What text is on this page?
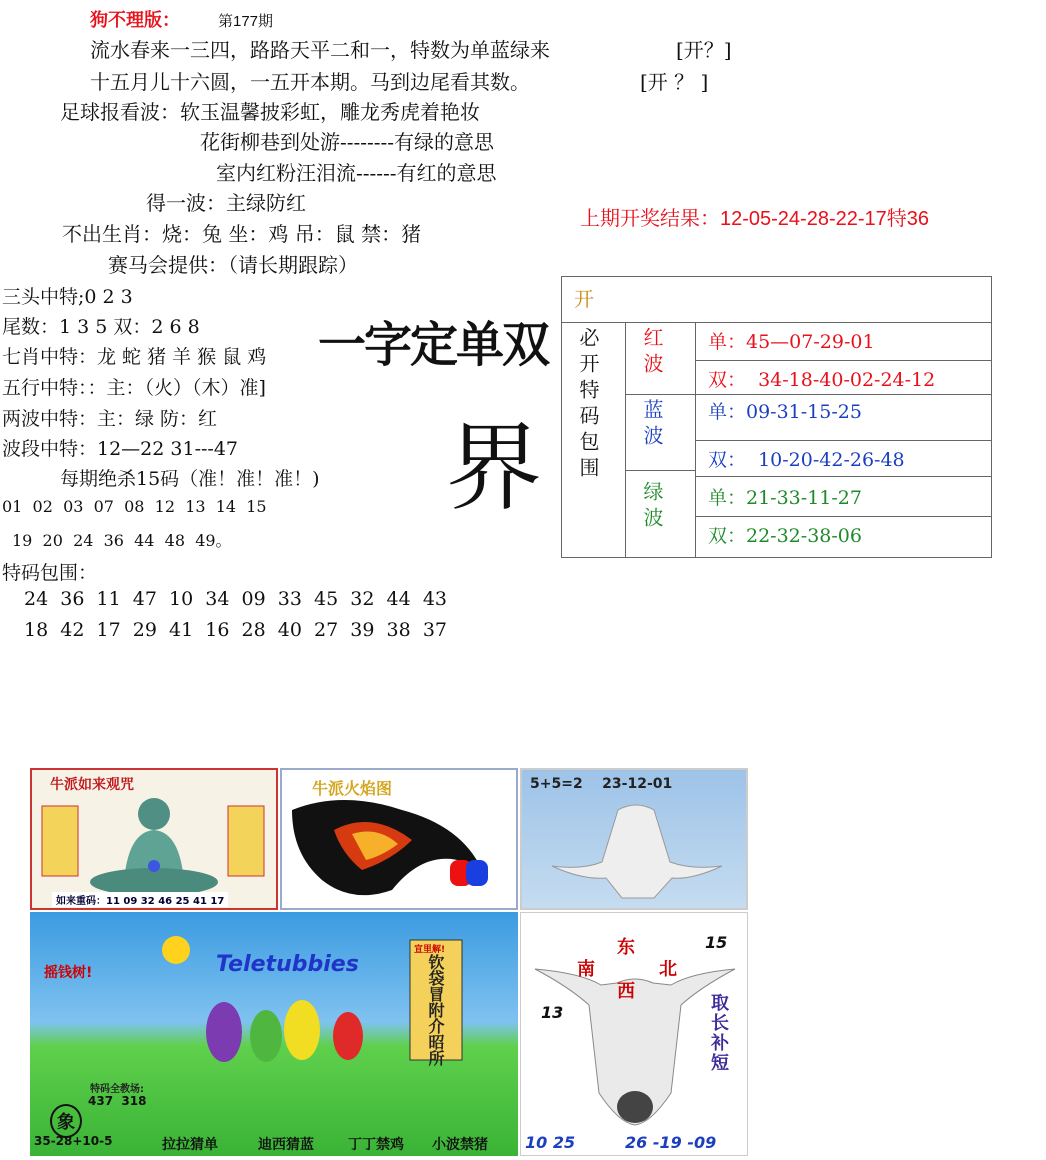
狗不理版：	第177期
流水春来一三四，路路天平二和一，特数为单蓝绿来	[开？]
十五月儿十六圆，一五开本期。马到边尾看其数。	[开 ？ ]
足球报看波：软玉温馨披彩虹，雕龙秀虎着艳妆
花街柳巷到处游--------有绿的意思
室内红粉汪泪流------有红的意思
得一波：主绿防红
不出生肖：烧：兔 坐：鸡 吊：鼠 禁：猪
赛马会提供：（请长期跟踪）
上期开奖结果：12-05-24-28-22-17特36
三头中特;0 2 3
尾数：1 3 5 双：2 6 8
七肖中特：龙 蛇 猪 羊 猴 鼠 鸡
五行中特：：主：（火）（木）准]
两波中特：主：绿 防：红
波段中特：12—22 31---47
每期绝杀15码（准！准！准！)
01  02  03  07  08  12  13  14  15
19  20  24  36  44  48  49。
特码包围：
24  36  11  47  10  34  09  33  45  32  44  43
18  42  17  29  41  16  28  40  27  39  38  37
一字定单双
界
开
必开特码包围 红波 单：45—07-29-01
双：  34-18-40-02-24-12
蓝波 单：09-31-15-25
双：  10-20-42-26-48
绿波 单：21-33-11-27
双：22-32-38-06
牛派如来观咒
如来重码：11 09 32 46 25 41 17
牛派火焰图	5+5=2    23-12-01
摇钱树!	Teletubbies
宣里解!
钦袋冒附介昭所
特码全教场:
象
437  318
35-28+10-5	拉拉猜单	迪西猜蓝 丁丁禁鸡 小波禁猪
东
南	北
西
15
13	取长补短
10 25	26 -19 -09
